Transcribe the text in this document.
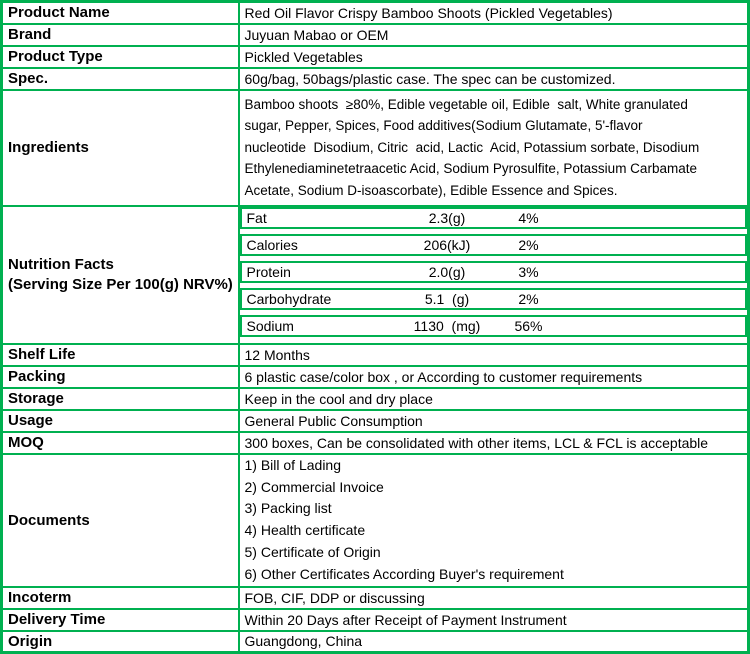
Product Name	Red Oil Flavor Crispy Bamboo Shoots (Pickled Vegetables)
Brand	Juyuan Mabao or OEM
Product Type	Pickled Vegetables
Spec.	60g/bag, 50bags/plastic case. The spec can be customized.
Ingredients	Bamboo shoots  ≥80%, Edible vegetable oil, Edible  salt, White granulated
sugar, Pepper, Spices, Food additives(Sodium Glutamate, 5'-flavor
nucleotide  Disodium, Citric  acid, Lactic  Acid, Potassium sorbate, Disodium
Ethylenediaminetetraacetic Acid, Sodium Pyrosulfite, Potassium Carbamate
Acetate, Sodium D-isoascorbate), Edible Essence and Spices.

Nutrition Facts
(Serving Size Per 100(g) NRV%)

Fat	2.3(g)	4%

Calories	206(kJ)	2%

Protein	2.0(g)	3%

Carbohydrate	5.1  (g)	2%

Sodium	1130  (mg)	56%

Shelf Life	12 Months
Packing	6 plastic case/color box , or According to customer requirements
Storage	Keep in the cool and dry place
Usage	General Public Consumption
MOQ	300 boxes, Can be consolidated with other items, LCL & FCL is acceptable
Documents	
1) Bill of Lading
2) Commercial Invoice
3) Packing list
4) Health certificate
5) Certificate of Origin
6) Other Certificates According Buyer's requirement

Incoterm	FOB, CIF, DDP or discussing
Delivery Time	Within 20 Days after Receipt of Payment Instrument
Origin	Guangdong, China
